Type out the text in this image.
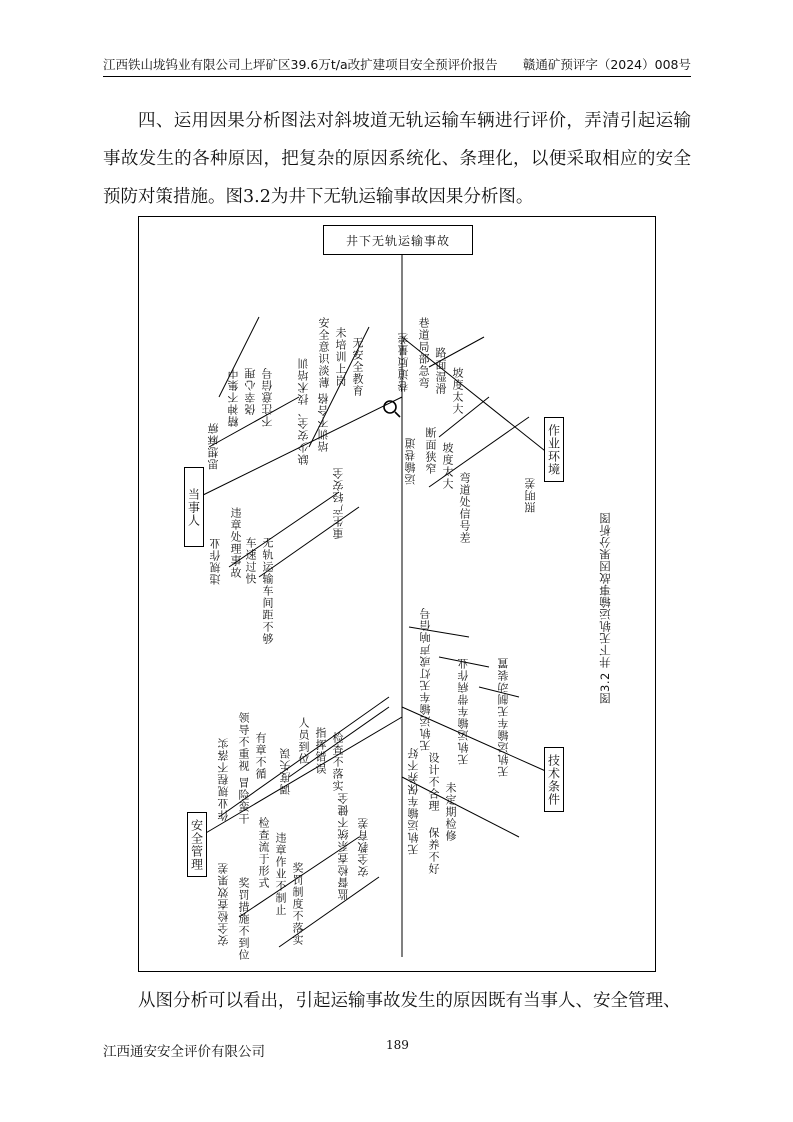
江西铁山垅钨业有限公司上坪矿区39.6万t/a改扩建项目安全预评价报告 赣通矿预评字（2024）008号

四、运用因果分析图法对斜坡道无轨运输车辆进行评价，弄清引起运输事故发生的各种原因，把复杂的原因系统化、条理化，以便采取相应的安全预防对策措施。图3.2为井下无轨运输事故因果分析图。

井下无轨运输事故
当事人
作业环境
安全管理
技术条件
思想麻痹
精神不集中 侥幸心理 不注意信号 缺少安全、技术培训
安全意识淡薄 未培训上岗 无安全教育
培训不合格
违规作业 违章处理事故 车速过快 无轨运输车间距不够
重生产轻安全
巷道质量差 巷道局部急弯 路面湿滑 坡度太大
运输巷道 断面狭窄 坡度太大
弯道处信号差	照明差
图3.2 井下无轨运输事故因果分析图
作业规程不落实 领导不重视 有章不循
冒险蛮干
调度失误
人员到位 指挥错误 检查不落实
安全检查效果差
检查流于形式 违章作业不制止 奖罚制度不落实
奖罚措施不到位
监督检查系统不健全 安全教育差
无轨运输车无灯或声响信号 无轨运输车带病作业 无轨运输车无制动装置
无轨运输车保养不好 设计不合理 未定期检修
保养不好

从图分析可以看出，引起运输事故发生的原因既有当事人、安全管理、

江西通安安全评价有限公司	189
